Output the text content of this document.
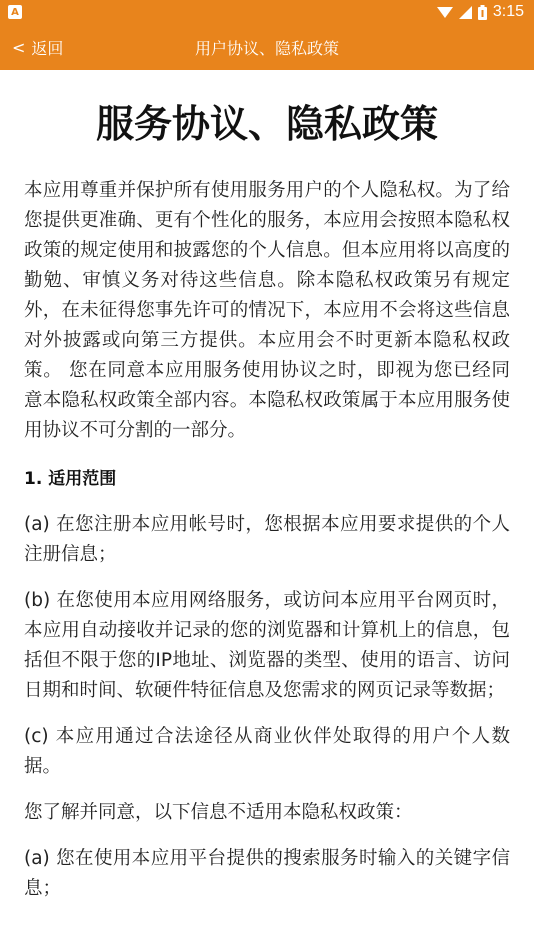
A	3:15
< 返回	用户协议、隐私政策
服务协议、隐私政策

本应用尊重并保护所有使用服务用户的个人隐私权。为了给您提供更准确、更有个性化的服务，本应用会按照本隐私权政策的规定使用和披露您的个人信息。但本应用将以高度的勤勉、审慎义务对待这些信息。除本隐私权政策另有规定外，在未征得您事先许可的情况下，本应用不会将这些信息对外披露或向第三方提供。本应用会不时更新本隐私权政策。 您在同意本应用服务使用协议之时，即视为您已经同意本隐私权政策全部内容。本隐私权政策属于本应用服务使用协议不可分割的一部分。

1. 适用范围

(a) 在您注册本应用帐号时，您根据本应用要求提供的个人注册信息；

(b) 在您使用本应用网络服务，或访问本应用平台网页时，本应用自动接收并记录的您的浏览器和计算机上的信息，包括但不限于您的IP地址、浏览器的类型、使用的语言、访问日期和时间、软硬件特征信息及您需求的网页记录等数据；

(c) 本应用通过合法途径从商业伙伴处取得的用户个人数据。

您了解并同意，以下信息不适用本隐私权政策：

(a) 您在使用本应用平台提供的搜索服务时输入的关键字信息；
